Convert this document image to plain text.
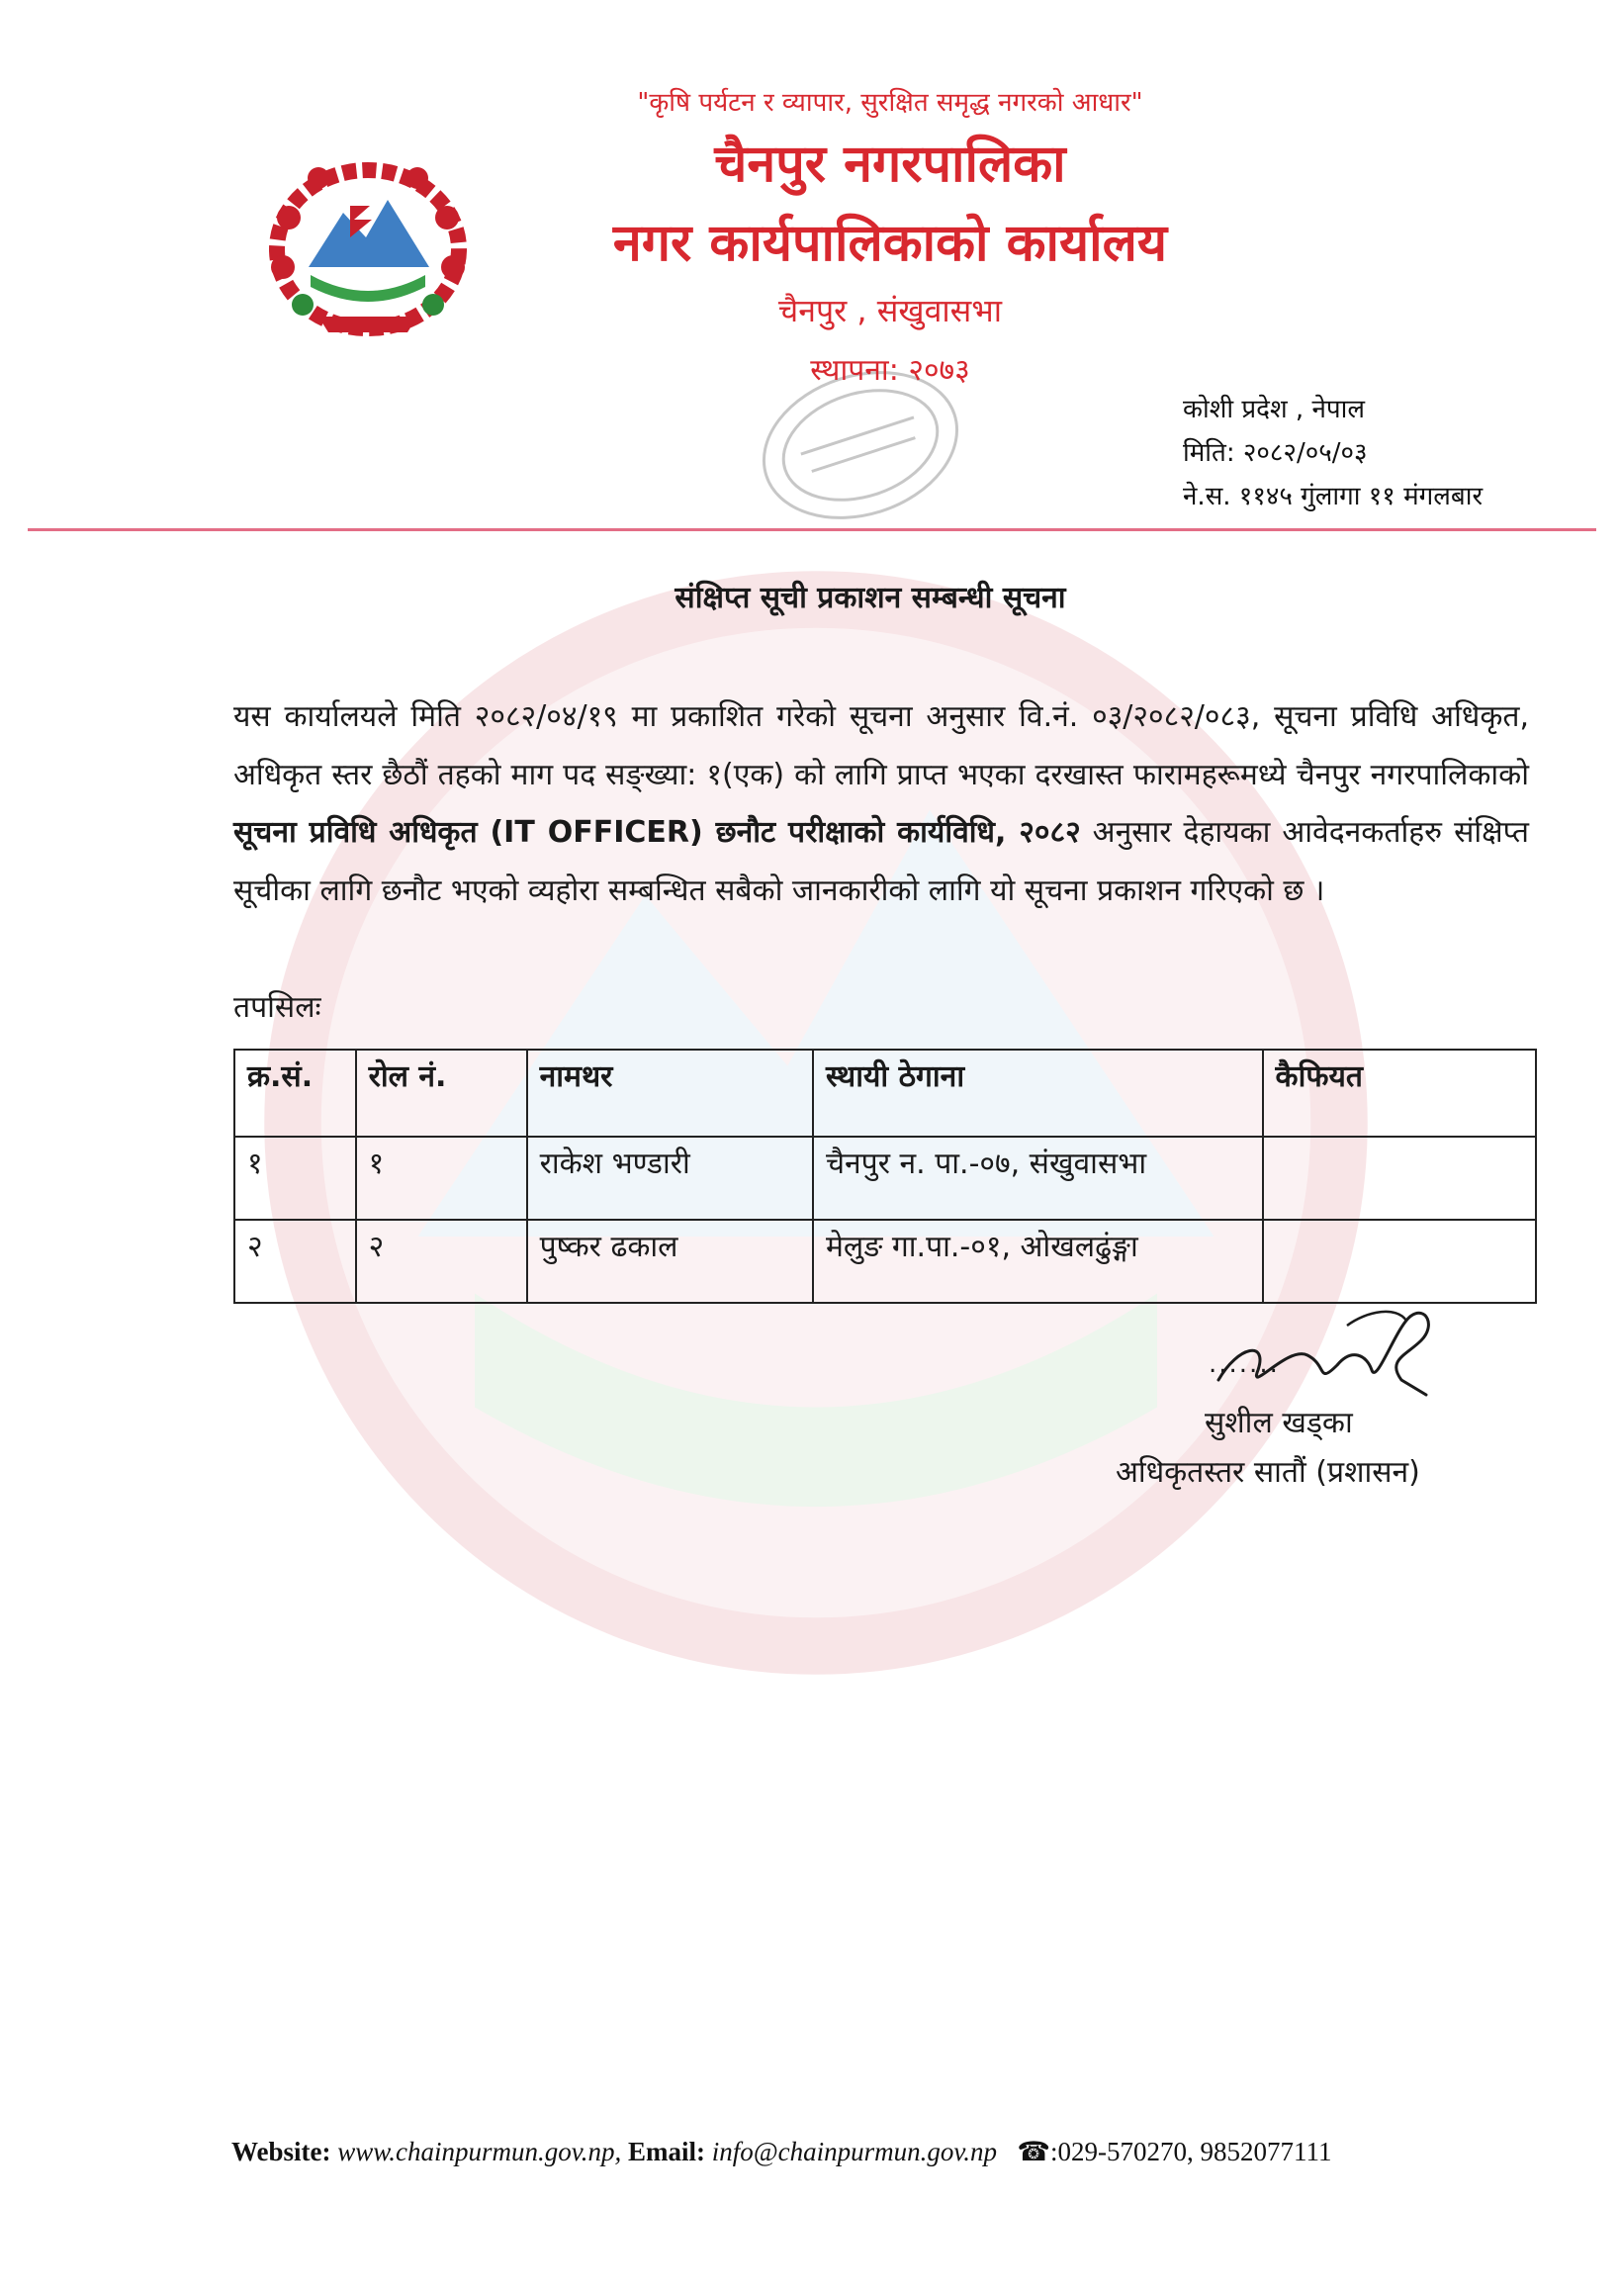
"कृषि पर्यटन र व्यापार, सुरक्षित समृद्ध नगरको आधार"
चैनपुर नगरपालिका
नगर कार्यपालिकाको कार्यालय
चैनपुर , संखुवासभा
स्थापना: २०७३
कोशी प्रदेश , नेपाल
मिति: २०८२/०५/०३
ने.स. ११४५ गुंलागा ११ मंगलबार
संक्षिप्त सूची प्रकाशन सम्बन्धी सूचना
यस कार्यालयले मिति २०८२/०४/१९ मा प्रकाशित गरेको सूचना अनुसार वि.नं. ०३/२०८२/०८३, सूचना प्रविधि अधिकृत, अधिकृत स्तर छैठौं तहको माग पद सङ्ख्या: १(एक) को लागि प्राप्त भएका दरखास्त फारामहरूमध्ये चैनपुर नगरपालिकाको सूचना प्रविधि अधिकृत (IT OFFICER) छनौट परीक्षाको कार्यविधि, २०८२ अनुसार देहायका आवेदनकर्ताहरु संक्षिप्त सूचीका लागि छनौट भएको व्यहोरा सम्बन्धित सबैको जानकारीको लागि यो सूचना प्रकाशन गरिएको छ ।
तपसिलः
क्र.सं.	रोल नं.	नामथर	स्थायी ठेगाना	कैफियत
१	१	राकेश भण्डारी	चैनपुर न. पा.-०७, संखुवासभा	
२	२	पुष्कर ढकाल	मेलुङ गा.पा.-०१, ओखलढुंङ्गा	
.......
सुशील खड्का
अधिकृतस्तर सातौं (प्रशासन)
Website: www.chainpurmun.gov.np, Email: info@chainpurmun.gov.np ☎:029-570270, 9852077111
